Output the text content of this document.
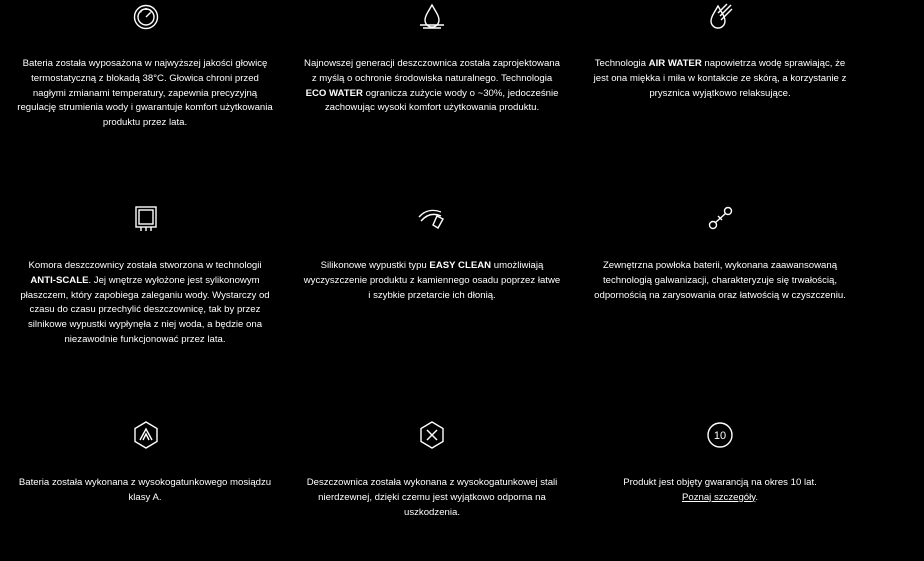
Bateria została wyposażona w najwyższej jakości głowicę termostatyczną z blokadą 38°C. Głowica chroni przed nagłymi zmianami temperatury, zapewnia precyzyjną regulację strumienia wody i gwarantuje komfort użytkowania produktu przez lata.
Najnowszej generacji deszczownica została zaprojektowana z myślą o ochronie środowiska naturalnego. Technologia ECO WATER ogranicza zużycie wody o ~30%, jedocześnie zachowując wysoki komfort użytkowania produktu.
Technologia AIR WATER napowietrza wodę sprawiając, że jest ona miękka i miła w kontakcie ze skórą, a korzystanie z prysznica wyjątkowo relaksujące.
Komora deszczownicy została stworzona w technologii ANTI-SCALE. Jej wnętrze wyłożone jest sylikonowym płaszczem, który zapobiega zaleganiu wody. Wystarczy od czasu do czasu przechylić deszczownicę, tak by przez silnikowe wypustki wypłynęła z niej woda, a będzie ona niezawodnie funkcjonować przez lata.
Silikonowe wypustki typu EASY CLEAN umożliwiają wyczyszczenie produktu z kamiennego osadu poprzez łatwe i szybkie przetarcie ich dłonią.
Zewnętrzna powłoka baterii, wykonana zaawansowaną technologią galwanizacji, charakteryzuje się trwałością, odpornością na zarysowania oraz łatwością w czyszczeniu.
Bateria została wykonana z wysokogatunkowego mosiądzu klasy A.
Deszczownica została wykonana z wysokogatunkowej stali nierdzewnej, dzięki czemu jest wyjątkowo odporna na uszkodzenia.
10
Produkt jest objęty gwarancją na okres 10 lat.
Poznaj szczegóły.
